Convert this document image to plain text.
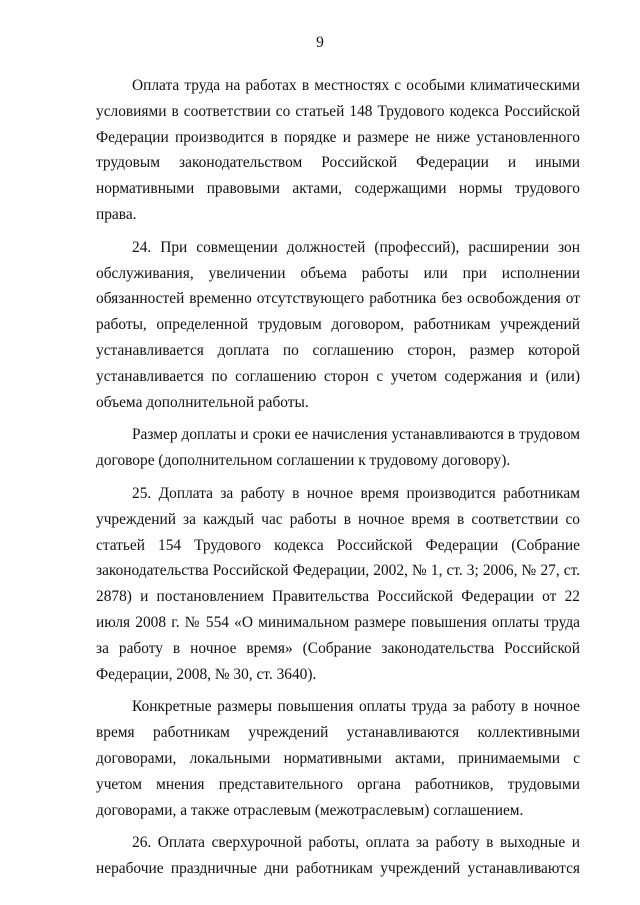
9

Оплата труда на работах в местностях с особыми климатическими условиями в соответствии со статьей 148 Трудового кодекса Российской Федерации производится в порядке и размере не ниже установленного трудовым законодательством Российской Федерации и иными нормативными правовыми актами, содержащими нормы трудового права.

24. При совмещении должностей (профессий), расширении зон обслуживания, увеличении объема работы или при исполнении обязанностей временно отсутствующего работника без освобождения от работы, определенной трудовым договором, работникам учреждений устанавливается доплата по соглашению сторон, размер которой устанавливается по соглашению сторон с учетом содержания и (или) объема дополнительной работы.

Размер доплаты и сроки ее начисления устанавливаются в трудовом договоре (дополнительном соглашении к трудовому договору).

25. Доплата за работу в ночное время производится работникам учреждений за каждый час работы в ночное время в соответствии со статьей 154 Трудового кодекса Российской Федерации (Собрание законодательства Российской Федерации, 2002, № 1, ст. 3; 2006, № 27, ст. 2878) и постановлением Правительства Российской Федерации от 22 июля 2008 г. № 554 «О минимальном размере повышения оплаты труда за работу в ночное время» (Собрание законодательства Российской Федерации, 2008, № 30, ст. 3640).

Конкретные размеры повышения оплаты труда за работу в ночное время работникам учреждений устанавливаются коллективными договорами, локальными нормативными актами, принимаемыми с учетом мнения представительного органа работников, трудовыми договорами, а также отраслевым (межотраслевым) соглашением.

26. Оплата сверхурочной работы, оплата за работу в выходные и нерабочие праздничные дни работникам учреждений устанавливаются
